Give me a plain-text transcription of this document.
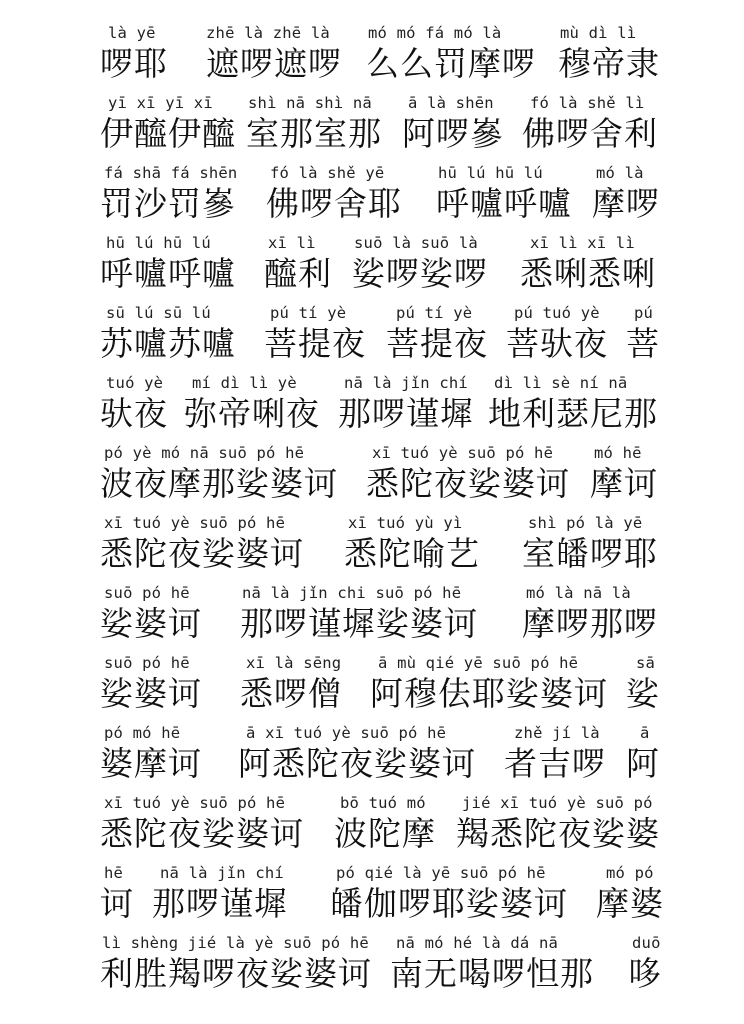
là yē	zhē là zhē là mó mó fá mó là	mù dì lì
啰耶 遮啰遮啰 么么罚摩啰 穆帝隶
yī xī yī xī shì nā shì nā ā là shēn fó là shě lì
伊醯伊醯 室那室那 阿啰嵾 佛啰舍利
fá shā fá shēn fó là shě yē	hū lú hū lú	mó là
罚沙罚嵾 佛啰舍耶 呼嚧呼嚧 摩啰
hū lú hū lú	xī lì suō là suō là	xī lì xī lì
呼嚧呼嚧 醯利 娑啰娑啰 悉唎悉唎
sū lú sū lú	pú tí yè	pú tí yè	pú tuó yè pú
苏嚧苏嚧 菩提夜 菩提夜 菩驮夜 菩
tuó yè mí dì lì yè	nā là jǐn chí dì lì sè ní nā
驮夜 弥帝唎夜 那啰谨墀 地利瑟尼那
pó yè mó nā suō pó hē	xī tuó yè suō pó hē	mó hē
波夜摩那娑婆诃 悉陀夜娑婆诃 摩诃
xī tuó yè suō pó hē	xī tuó yù yì	shì pó là yē
悉陀夜娑婆诃 悉陀喻艺 室皤啰耶
suō pó hē	nā là jǐn chi suō pó hē	mó là nā là
娑婆诃 那啰谨墀娑婆诃 摩啰那啰
suō pó hē	xī là sēng ā mù qié yē suō pó hē	sā
娑婆诃 悉啰僧 阿穆佉耶娑婆诃 娑
pó mó hē	ā xī tuó yè suō pó hē	zhě jí là	ā
婆摩诃 阿悉陀夜娑婆诃 者吉啰 阿
xī tuó yè suō pó hē	bō tuó mó jié xī tuó yè suō pó
悉陀夜娑婆诃 波陀摩 羯悉陀夜娑婆
hē nā là jǐn chí	pó qié là yē suō pó hē	mó pó
诃 那啰谨墀 皤伽啰耶娑婆诃 摩婆
lì shèng jié là yè suō pó hē nā mó hé là dá nā	duō
利胜羯啰夜娑婆诃 南无喝啰怛那 哆
